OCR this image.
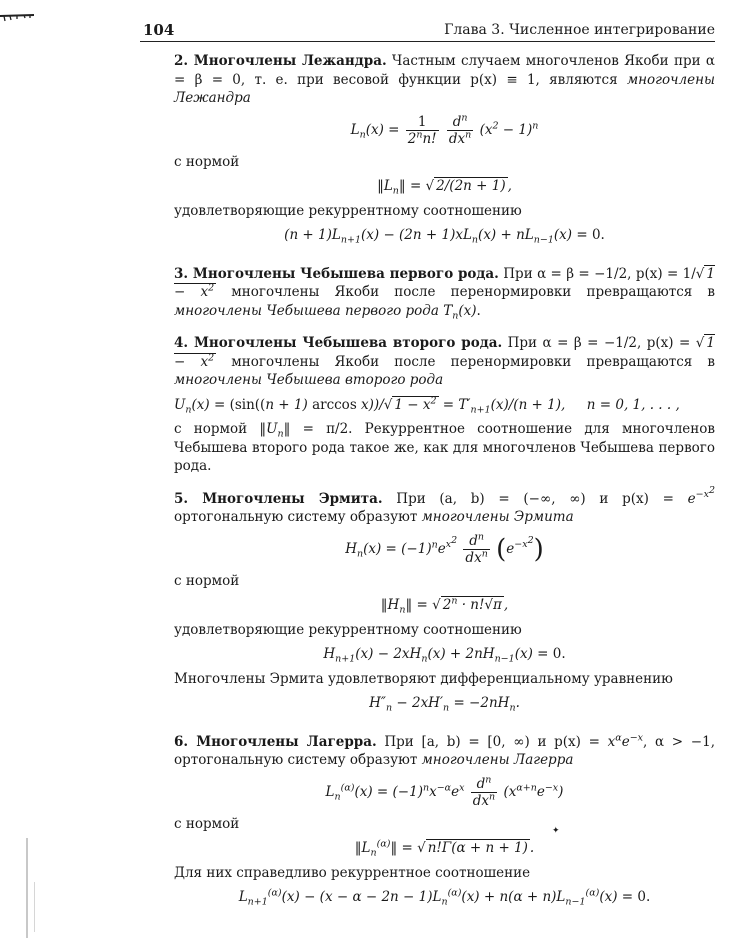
104	Глава 3. Численное интегрирование

2. Многочлены Лежандра. Частным случаем многочленов Якоби при α = β = 0, т. е. при весовой функции p(x) ≡ 1, являются многочлены Лежандра

$L_n(x) = \frac{1}{2^nn!}$
$\frac{d^n}{dx^n} (x^2 - 1)^n$

с нормой

$‖L_n‖$ = √ 2/(2n + 1) ,

удовлетворяющие рекуррентному соотношению

$(n + 1)L_{n+1}(x) - (2n + 1)xL_n(x) + nL_{n-1}(x) = 0$.

3. Многочлены Чебышева первого рода. При α = β = −1/2, p(x) = 1/√ $1 - x^2$ многочлены Якоби после перенормировки превращаются в многочлены Чебышева первого рода $T_n(x)$.

4. Многочлены Чебышева второго рода. При α = β = −1/2, p(x) = √ $1 - x^2$ многочлены Якоби после перенормировки превращаются в многочлены Чебышева второго рода

$U_n(x) = (\sin((n + 1)$ arccos x))/√ $1 - x^2 = T'_{n+1}(x)/(n + 1)$,     n = 0, 1, . . . ,

с нормой $‖U_n‖ = \pi/2$. Рекуррентное соотношение для многочленов Чебышева второго рода такое же, как для многочленов Чебышева первого рода.

5. Многочлены Эрмита. При (a, b) = (−∞, ∞) и $p(x) = e^{-x^2}$ ортогональную систему образуют многочлены Эрмита

$H_n(x) = (-1)^ne^{x^2} \frac{d^n}{dx^n} (e^{-x^2})$

с нормой

$‖H_n‖$ = √ $2^n \cdot n!√\pi$ ,

удовлетворяющие рекуррентному соотношению

$H_{n+1}(x) - 2xH_n(x) + 2nH_{n-1}(x) = 0$.

Многочлены Эрмита удовлетворяют дифференциальному уравнению

$H''_n - 2xH'_n = -2nH_n$.

6. Многочлены Лагерра. При [a, b) = [0, ∞) и $p(x) = x^\alpha e^{-x}$, α > −1, ортогональную систему образуют многочлены Лагерра

$L_n^{(\alpha)}(x) = (-1)^nx^{-\alpha}e^x \frac{d^n}{dx^n} (x^{\alpha+n}e^{-x})$

с нормой

$‖L_n^{(\alpha)}‖$ = √ n!Γ(α + n + 1) .

Для них справедливо рекуррентное соотношение

$L_{n+1}^{(\alpha)}(x) - (x - \alpha - 2n - 1)L_n^{(\alpha)}(x) + n(\alpha + n)L_{n-1}^{(\alpha)}(x) = 0$.
✦
